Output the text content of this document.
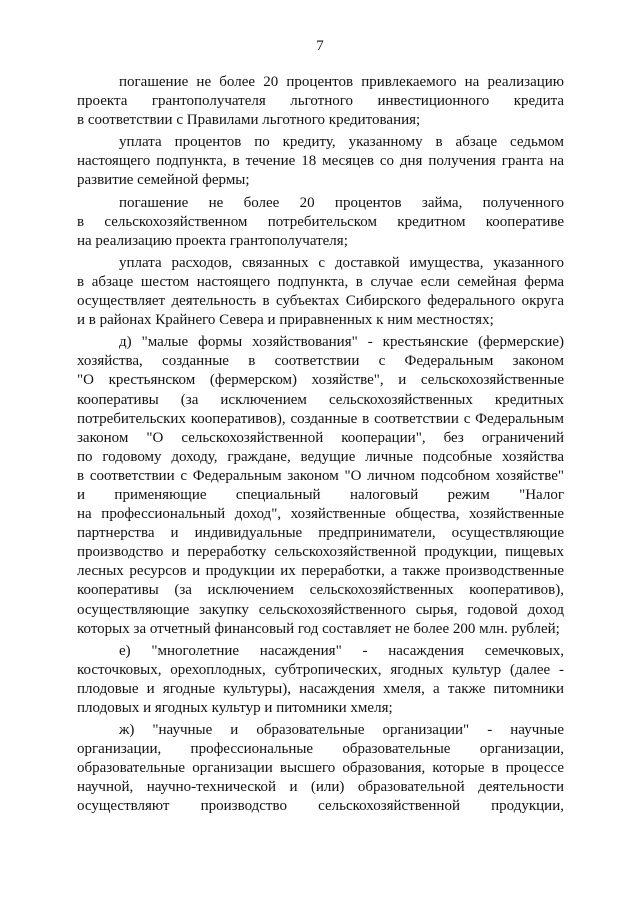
7
погашение не более 20 процентов привлекаемого на реализацию
проекта грантополучателя льготного инвестиционного кредита
в соответствии с Правилами льготного кредитования;
уплата процентов по кредиту, указанному в абзаце седьмом
настоящего подпункта, в течение 18 месяцев со дня получения гранта на
развитие семейной фермы;
погашение не более 20 процентов займа, полученного
в сельскохозяйственном потребительском кредитном кооперативе
на реализацию проекта грантополучателя;
уплата расходов, связанных с доставкой имущества, указанного
в абзаце шестом настоящего подпункта, в случае если семейная ферма
осуществляет деятельность в субъектах Сибирского федерального округа
и в районах Крайнего Севера и приравненных к ним местностях;
д) "малые формы хозяйствования" - крестьянские (фермерские)
хозяйства, созданные в соответствии с Федеральным законом
"О крестьянском (фермерском) хозяйстве", и сельскохозяйственные
кооперативы (за исключением сельскохозяйственных кредитных
потребительских кооперативов), созданные в соответствии с Федеральным
законом "О сельскохозяйственной кооперации", без ограничений
по годовому доходу, граждане, ведущие личные подсобные хозяйства
в соответствии с Федеральным законом "О личном подсобном хозяйстве"
и применяющие специальный налоговый режим "Налог
на профессиональный доход", хозяйственные общества, хозяйственные
партнерства и индивидуальные предприниматели, осуществляющие
производство и переработку сельскохозяйственной продукции, пищевых
лесных ресурсов и продукции их переработки, а также производственные
кооперативы (за исключением сельскохозяйственных кооперативов),
осуществляющие закупку сельскохозяйственного сырья, годовой доход
которых за отчетный финансовый год составляет не более 200 млн. рублей;
е) "многолетние насаждения" - насаждения семечковых,
косточковых, орехоплодных, субтропических, ягодных культур (далее -
плодовые и ягодные культуры), насаждения хмеля, а также питомники
плодовых и ягодных культур и питомники хмеля;
ж) "научные и образовательные организации" - научные
организации, профессиональные образовательные организации,
образовательные организации высшего образования, которые в процессе
научной, научно-технической и (или) образовательной деятельности
осуществляют производство сельскохозяйственной продукции,
